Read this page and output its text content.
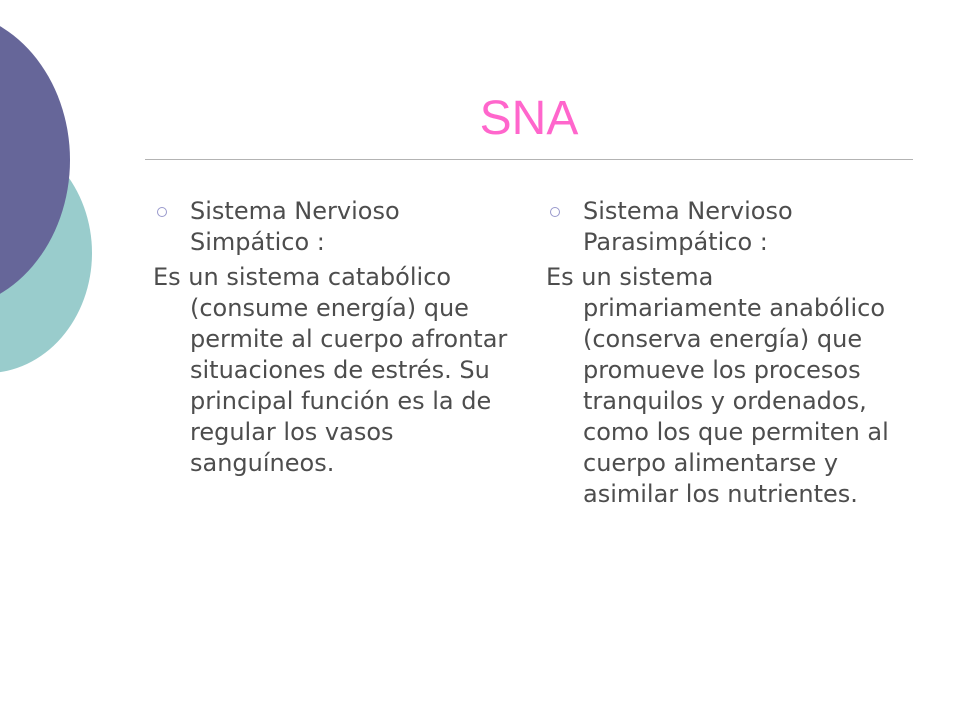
SNA
Sistema Nervioso Simpático :
Es un sistema catabólico (consume energía) que permite al cuerpo afrontar situaciones de estrés. Su principal función es la de regular los vasos sanguíneos.
Sistema Nervioso Parasimpático :
Es un sistema primariamente anabólico (conserva energía) que promueve los procesos tranquilos y ordenados, como los que permiten al cuerpo alimentarse y asimilar los nutrientes.
